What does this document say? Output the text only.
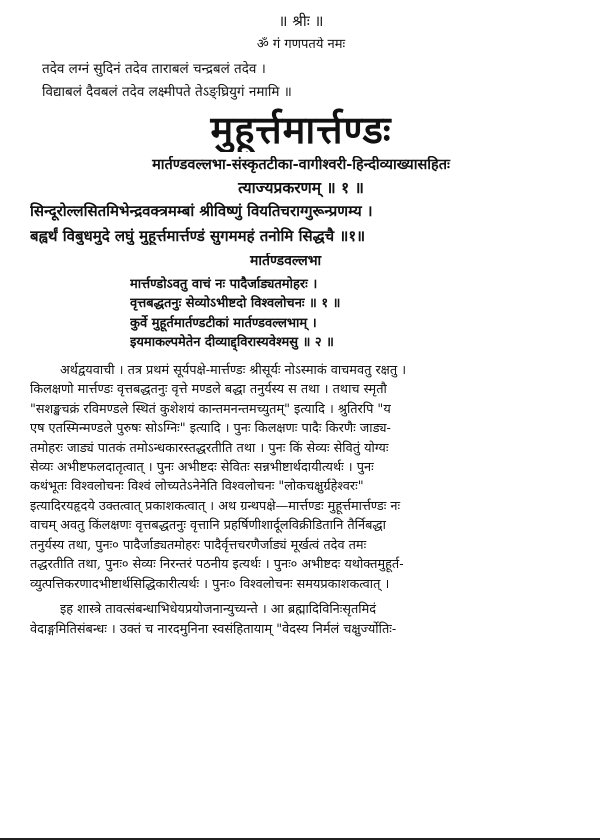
॥ श्रीः ॥
ॐ गं गणपतये नमः
तदेव लग्नं सुदिनं तदेव ताराबलं चन्द्रबलं तदेव ।
विद्याबलं दैवबलं तदेव लक्ष्मीपते तेऽङ्घ्रियुगं नमामि ॥
मुहूर्त्तमार्त्तण्डः
मार्तण्डवल्लभा-संस्कृतटीका-वागीश्वरी-हिन्दीव्याख्यासहितः
त्याज्यप्रकरणम् ॥ १ ॥
सिन्दूरोल्लसितमिभेन्द्रवक्त्रमम्बां श्रीविष्णुं वियतिचराग्गुरून्प्रणम्य ।
बह्वर्थं विबुधमुदे लघुं मुहूर्त्तमार्त्तण्डं सुगममहं तनोमि सिद्धचै ॥१॥
मार्तण्डवल्लभा
मार्त्तण्डोऽवतु वाचं नः पादैर्जाड्यतमोहरः ।
वृत्तबद्धतनुः सेव्योऽभीष्टदो विश्वलोचनः ॥ १ ॥
कुर्वे मुहूर्तमार्तण्डटीकां मार्तण्डवल्लभाम् ।
इयमाकल्पमेतेन दीव्याद्द्विरास्यवेश्मसु ॥ २ ॥
अर्थद्वयवाची । तत्र प्रथमं सूर्यपक्षे-मार्त्तण्डः श्रीसूर्यः नोऽस्माकं वाचमवतु रक्षतु ।
किलक्षणो मार्त्तण्डः वृत्तबद्धतनुः वृत्ते मण्डले बद्धा तनुर्यस्य स तथा । तथाच स्मृतौ
"सशङ्खचक्रं रविमण्डले स्थितं कुशेशयं कान्तमनन्तमच्युतम्" इत्यादि । श्रुतिरपि "य
एष एतस्मिन्मण्डले पुरुषः सोऽग्निः" इत्यादि । पुनः किलक्षणः पादैः किरणैः जाड्य-
तमोहरः जाड्यं पातकं तमोऽन्धकारस्तद्धरतीति तथा । पुनः किं सेव्यः सेवितुं योग्यः
सेव्यः अभीष्टफलदातृत्वात् । पुनः अभीष्टदः सेवितः सन्नभीष्टार्थदायीत्यर्थः । पुनः
कथंभूतः विश्वलोचनः विश्वं लोच्यतेऽनेनेति विश्वलोचनः "लोकचक्षुर्ग्रहेश्वरः"
इत्यादिरयहृदये उक्तत्वात् प्रकाशकत्वात् । अथ ग्रन्थपक्षे—मार्त्तण्डः मुहूर्त्तमार्त्तण्डः नः
वाचम् अवतु किंलक्षणः वृत्तबद्धतनुः वृत्तानि प्रहर्षिणीशार्दूलविक्रीडितानि तैर्निबद्धा
तनुर्यस्य तथा, पुनः० पादैर्जाड्यतमोहरः पादैर्वृत्तचरणैर्जाड्यं मूर्खत्वं तदेव तमः
तद्धरतीति तथा, पुनः० सेव्यः निरन्तरं पठनीय इत्यर्थः । पुनः० अभीष्टदः यथोक्तमुहूर्त-
व्युत्पत्तिकरणादभीष्टार्थसिद्धिकारीत्यर्थः । पुनः० विश्वलोचनः समयप्रकाशकत्वात् ।
इह शास्त्रे तावत्संबन्धाभिधेयप्रयोजनान्युच्यन्ते । आ ब्रह्मादिविनिःसृतमिदं
वेदाङ्गमितिसंबन्धः । उक्तं च नारदमुनिना स्वसंहितायाम् "वेदस्य निर्मलं चक्षुर्ज्योतिः-
